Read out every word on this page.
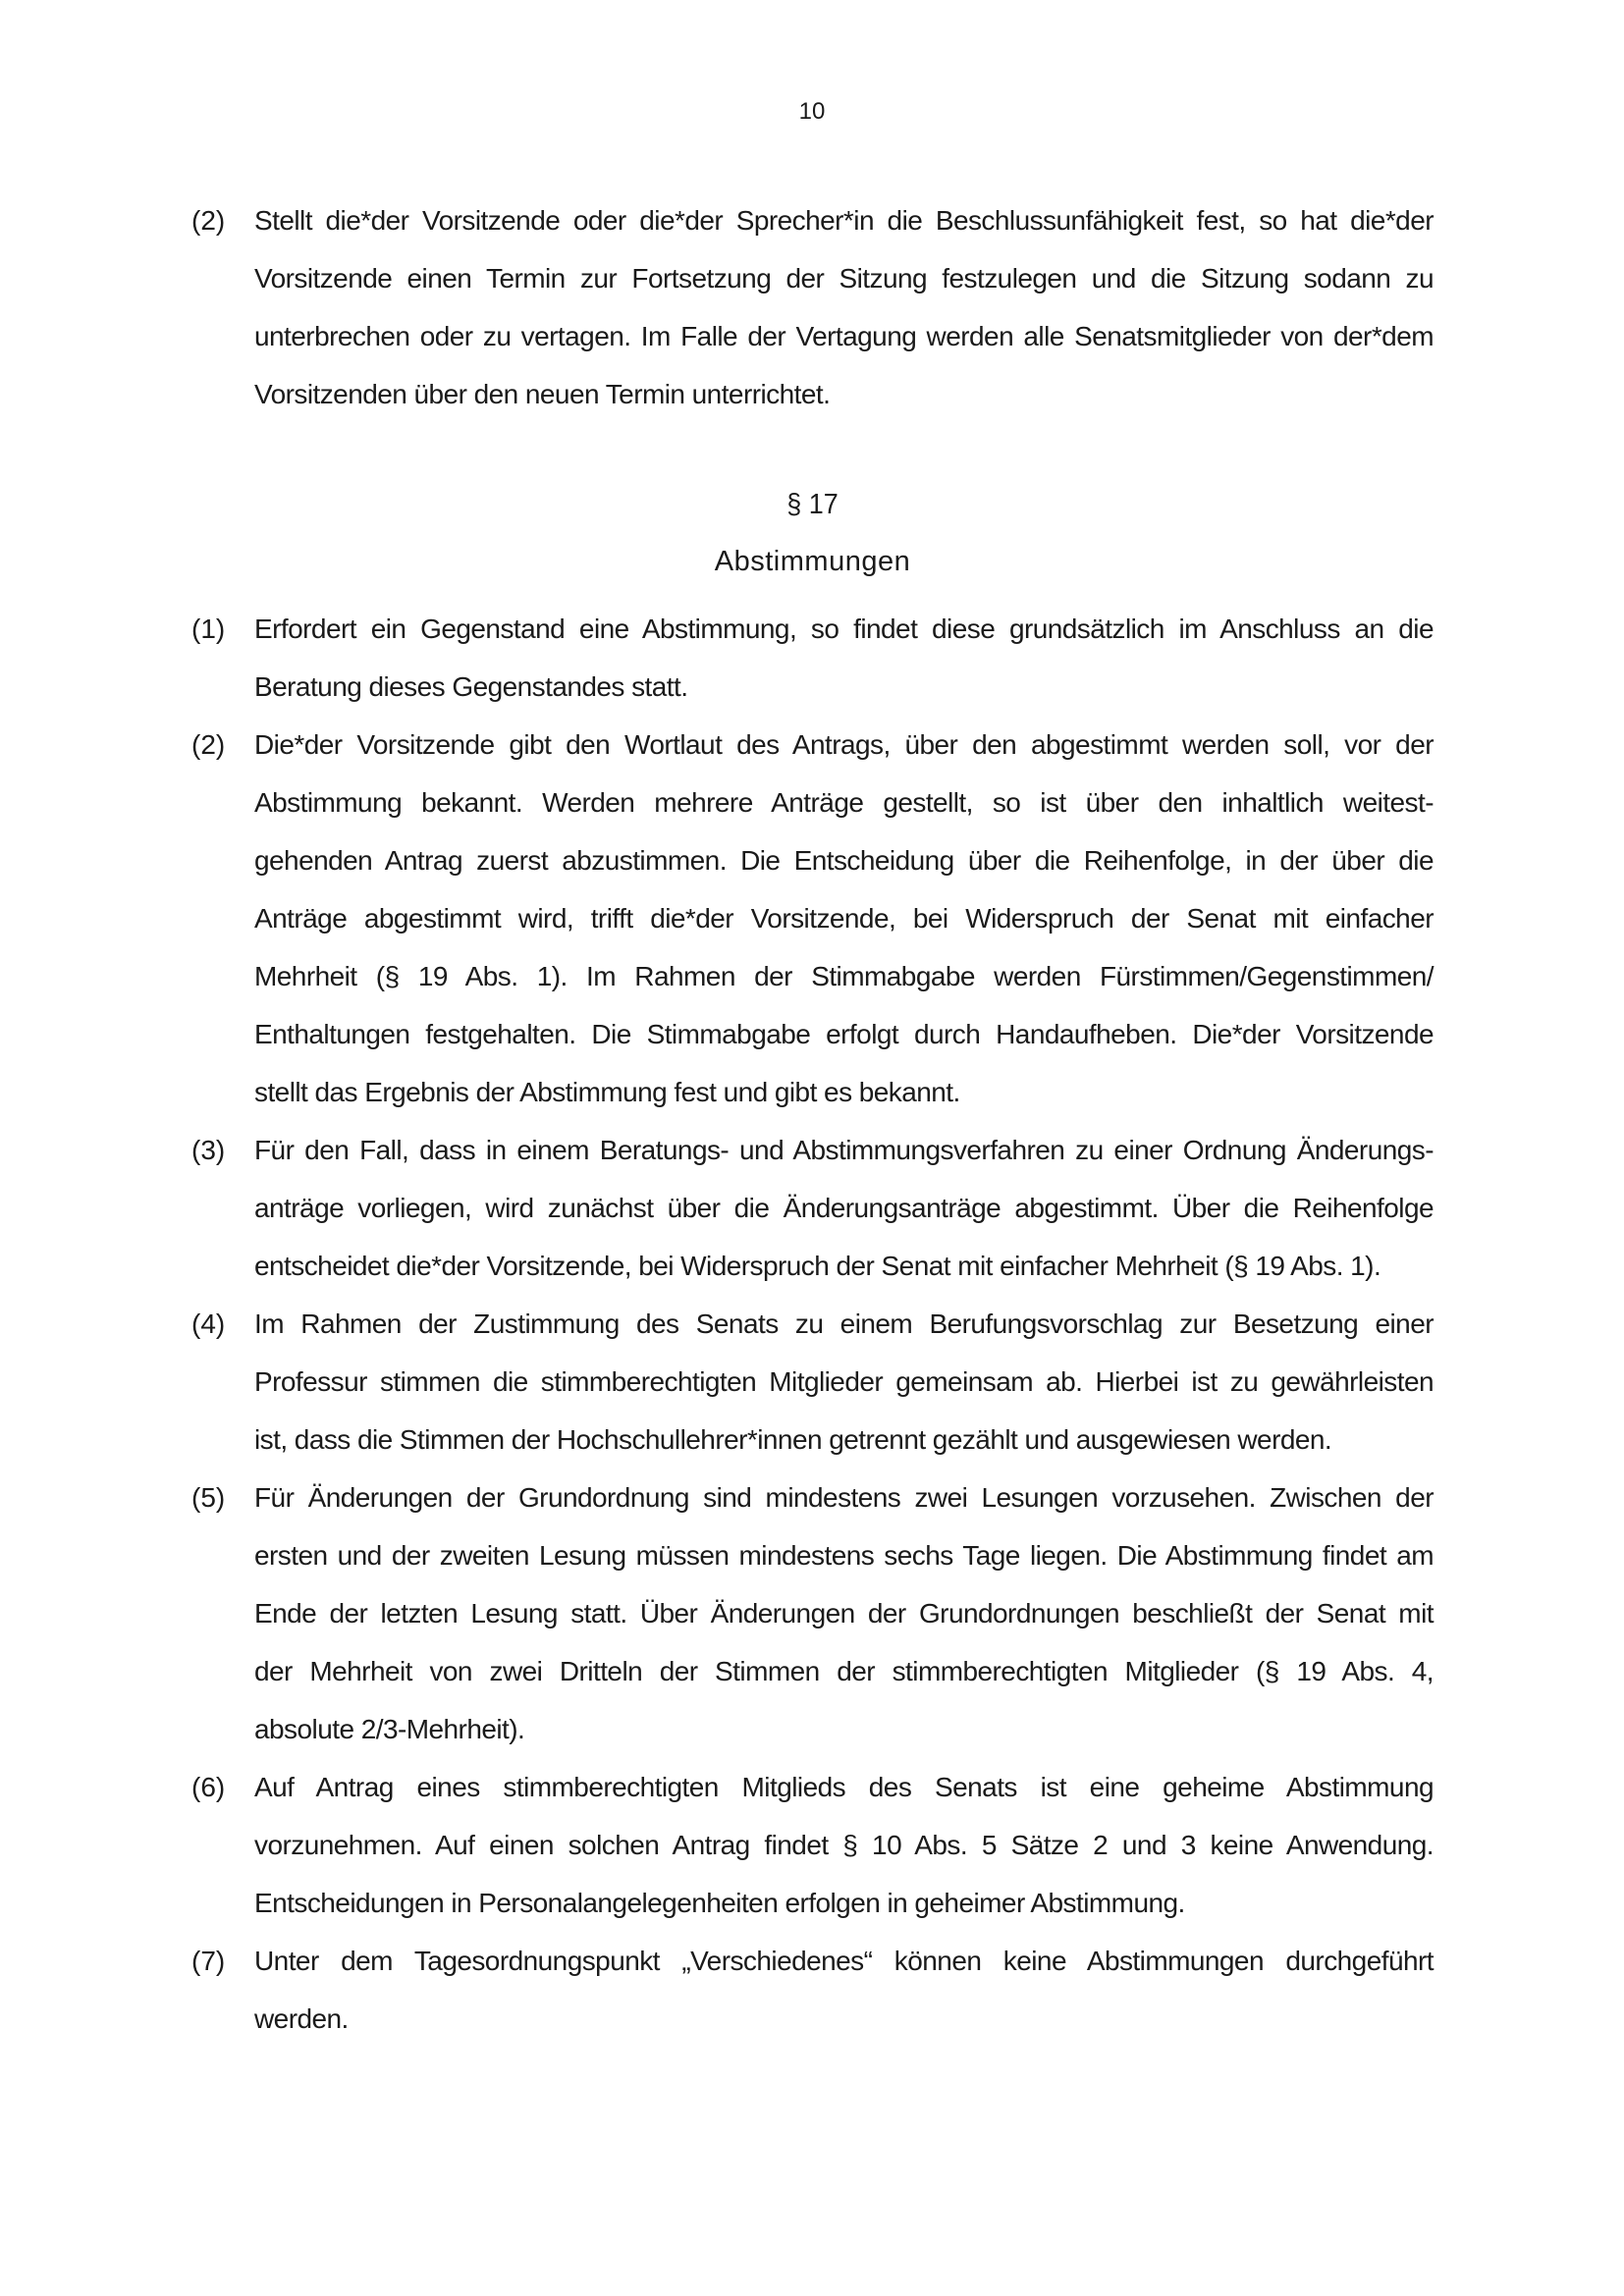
10
(2)	Stellt die*der Vorsitzende oder die*der Sprecher*in die Beschlussunfähigkeit fest, so hat die*der
Vorsitzende einen Termin zur Fortsetzung der Sitzung festzulegen und die Sitzung sodann zu
unterbrechen oder zu vertagen. Im Falle der Vertagung werden alle Senatsmitglieder von der*dem
Vorsitzenden über den neuen Termin unterrichtet.
§ 17
Abstimmungen
(1)	Erfordert ein Gegenstand eine Abstimmung, so findet diese grundsätzlich im Anschluss an die
Beratung dieses Gegenstandes statt.
(2)	Die*der Vorsitzende gibt den Wortlaut des Antrags, über den abgestimmt werden soll, vor der
Abstimmung bekannt. Werden mehrere Anträge gestellt, so ist über den inhaltlich weitest-
gehenden Antrag zuerst abzustimmen. Die Entscheidung über die Reihenfolge, in der über die
Anträge abgestimmt wird, trifft die*der Vorsitzende, bei Widerspruch der Senat mit einfacher
Mehrheit (§ 19 Abs. 1). Im Rahmen der Stimmabgabe werden Fürstimmen/Gegenstimmen/
Enthaltungen festgehalten. Die Stimmabgabe erfolgt durch Handaufheben. Die*der Vorsitzende
stellt das Ergebnis der Abstimmung fest und gibt es bekannt.
(3)	Für den Fall, dass in einem Beratungs- und Abstimmungsverfahren zu einer Ordnung Änderungs-
anträge vorliegen, wird zunächst über die Änderungsanträge abgestimmt. Über die Reihenfolge
entscheidet die*der Vorsitzende, bei Widerspruch der Senat mit einfacher Mehrheit (§ 19 Abs. 1).
(4)	Im Rahmen der Zustimmung des Senats zu einem Berufungsvorschlag zur Besetzung einer
Professur stimmen die stimmberechtigten Mitglieder gemeinsam ab. Hierbei ist zu gewährleisten
ist, dass die Stimmen der Hochschullehrer*innen getrennt gezählt und ausgewiesen werden.
(5)	Für Änderungen der Grundordnung sind mindestens zwei Lesungen vorzusehen. Zwischen der
ersten und der zweiten Lesung müssen mindestens sechs Tage liegen. Die Abstimmung findet am
Ende der letzten Lesung statt. Über Änderungen der Grundordnungen beschließt der Senat mit
der Mehrheit von zwei Dritteln der Stimmen der stimmberechtigten Mitglieder (§ 19 Abs. 4,
absolute 2/3-Mehrheit).
(6)	Auf Antrag eines stimmberechtigten Mitglieds des Senats ist eine geheime Abstimmung
vorzunehmen. Auf einen solchen Antrag findet § 10 Abs. 5 Sätze 2 und 3 keine Anwendung.
Entscheidungen in Personalangelegenheiten erfolgen in geheimer Abstimmung.
(7)	Unter dem Tagesordnungspunkt „Verschiedenes“ können keine Abstimmungen durchgeführt
werden.
